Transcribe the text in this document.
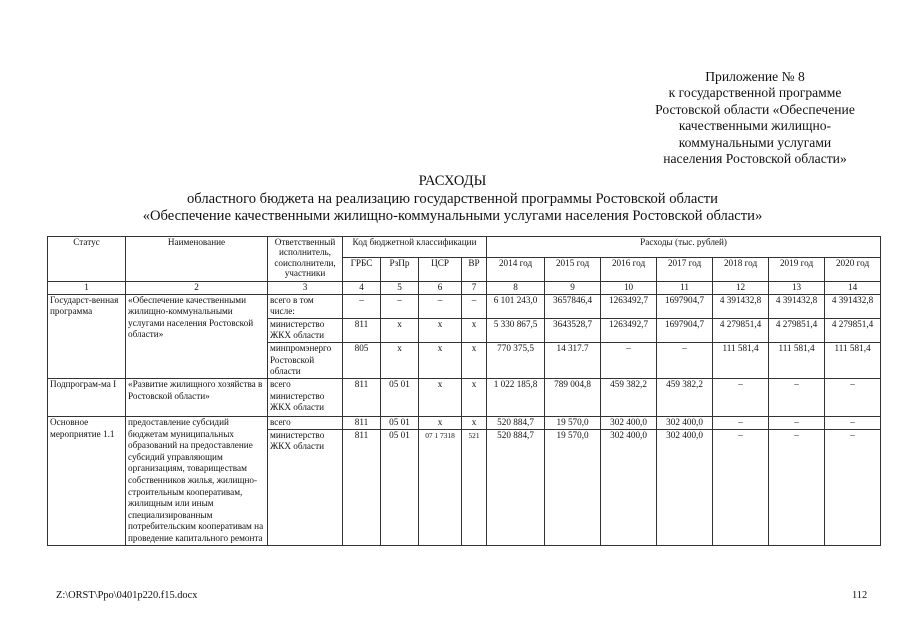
Приложение № 8
к государственной программе
Ростовской области «Обеспечение
качественными жилищно-
коммунальными услугами
населения Ростовской области»
РАСХОДЫ
областного бюджета на реализацию государственной программы Ростовской области
«Обеспечение качественными жилищно-коммунальными услугами населения Ростовской области»
Статус	Наименование	Ответственный исполнитель, соисполнители, участники	Код бюджетной классификации				Расходы (тыс. рублей)						
			ГРБС	РзПр	ЦСР	ВР	2014 год	2015 год	2016 год	2017 год	2018 год	2019 год	2020 год
1	2	3	4	5	6	7	8	9	10	11	12	13	14
Государст-венная программа	«Обеспечение качественными жилищно-коммунальными услугами населения Ростовской области»	всего в том числе:	–	–	–	–	6 101 243,0	3657846,4	1263492,7	1697904,7	4 391432,8	4 391432,8	4 391432,8
		министерство ЖКХ области	811	х	х	х	5 330 867,5	3643528,7	1263492,7	1697904,7	4 279851,4	4 279851,4	4 279851,4
		минпромэнерго Ростовской области	805	х	х	х	770 375,5	14 317.7	–	–	111 581,4	111 581,4	111 581,4
Подпрограм-ма I	«Развитие жилищного хозяйства в Ростовской области»	всего министерство ЖКХ области	811	05 01	х	х	1 022 185,8	789 004,8	459 382,2	459 382,2	–	–	–
Основное мероприятие 1.1	предоставление субсидий бюджетам муниципальных образований на предоставление субсидий управляющим организациям, товариществам собственников жилья, жилищно-строительным кооперативам, жилищным или иным специализированным потребительским кооперативам на проведение капитального ремонта	всего	811	05 01	х	х	520 884,7	19 570,0	302 400,0	302 400,0	–	–	–
		министерство ЖКХ области	811	05 01	07 1 7318	521	520 884,7	19 570,0	302 400,0	302 400,0	–	–	–
Z:\ORST\Ppo\0401p220.f15.docx	112
